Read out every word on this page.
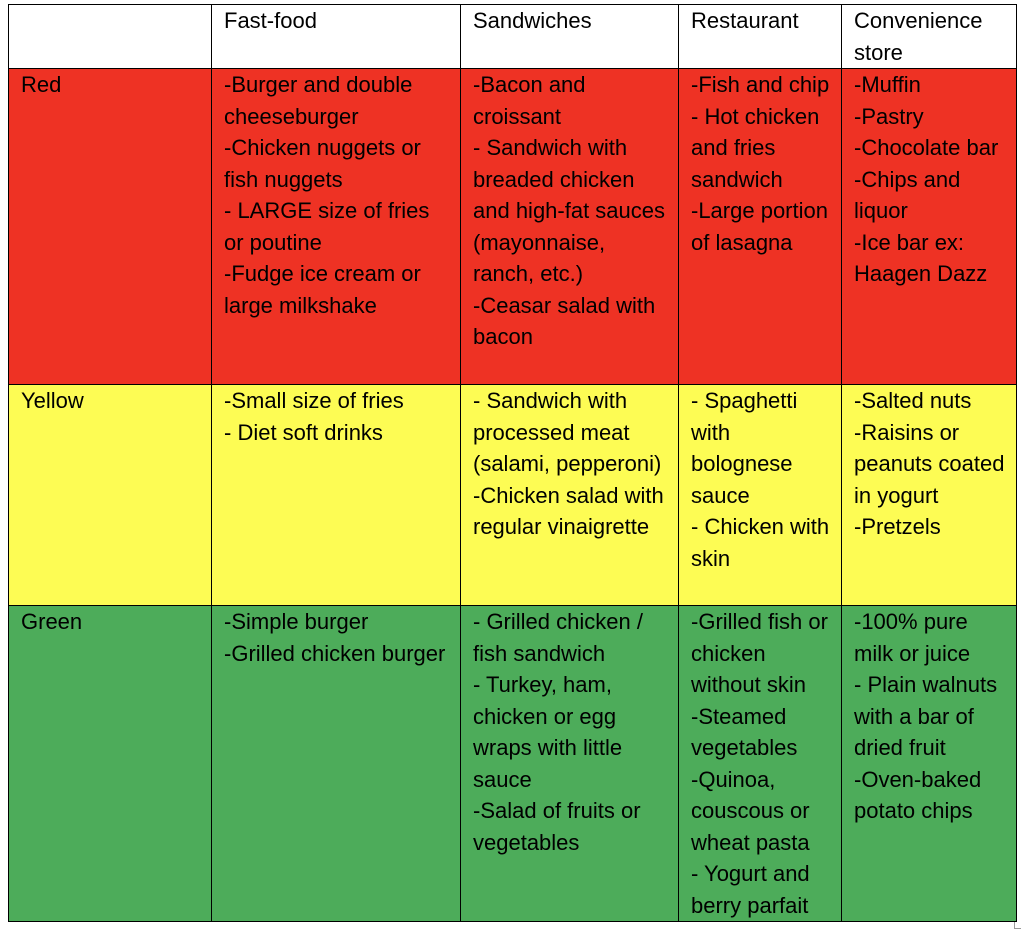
	Fast-food	Sandwiches	Restaurant	Convenience store

Red	-Burger and double cheeseburger
-Chicken nuggets or fish nuggets
- LARGE size of fries or poutine
-Fudge ice cream or large milkshake	-Bacon and croissant
- Sandwich with breaded chicken and high-fat sauces (mayonnaise, ranch, etc.)
-Ceasar salad with bacon	-Fish and chip
- Hot chicken and fries sandwich
-Large portion of lasagna	-Muffin
-Pastry
-Chocolate bar
-Chips and liquor
-Ice bar ex: Haagen Dazz

Yellow	-Small size of fries
- Diet soft drinks	- Sandwich with processed meat (salami, pepperoni)
-Chicken salad with regular vinaigrette	- Spaghetti with bolognese sauce
- Chicken with skin	-Salted nuts
-Raisins or peanuts coated in yogurt
-Pretzels

Green	-Simple burger
-Grilled chicken burger	- Grilled chicken / fish sandwich
- Turkey, ham, chicken or egg wraps with little sauce
-Salad of fruits or vegetables	-Grilled fish or chicken without skin
-Steamed vegetables
-Quinoa, couscous or wheat pasta
- Yogurt and berry parfait	-100% pure milk or juice
- Plain walnuts with a bar of dried fruit
-Oven-baked potato chips
